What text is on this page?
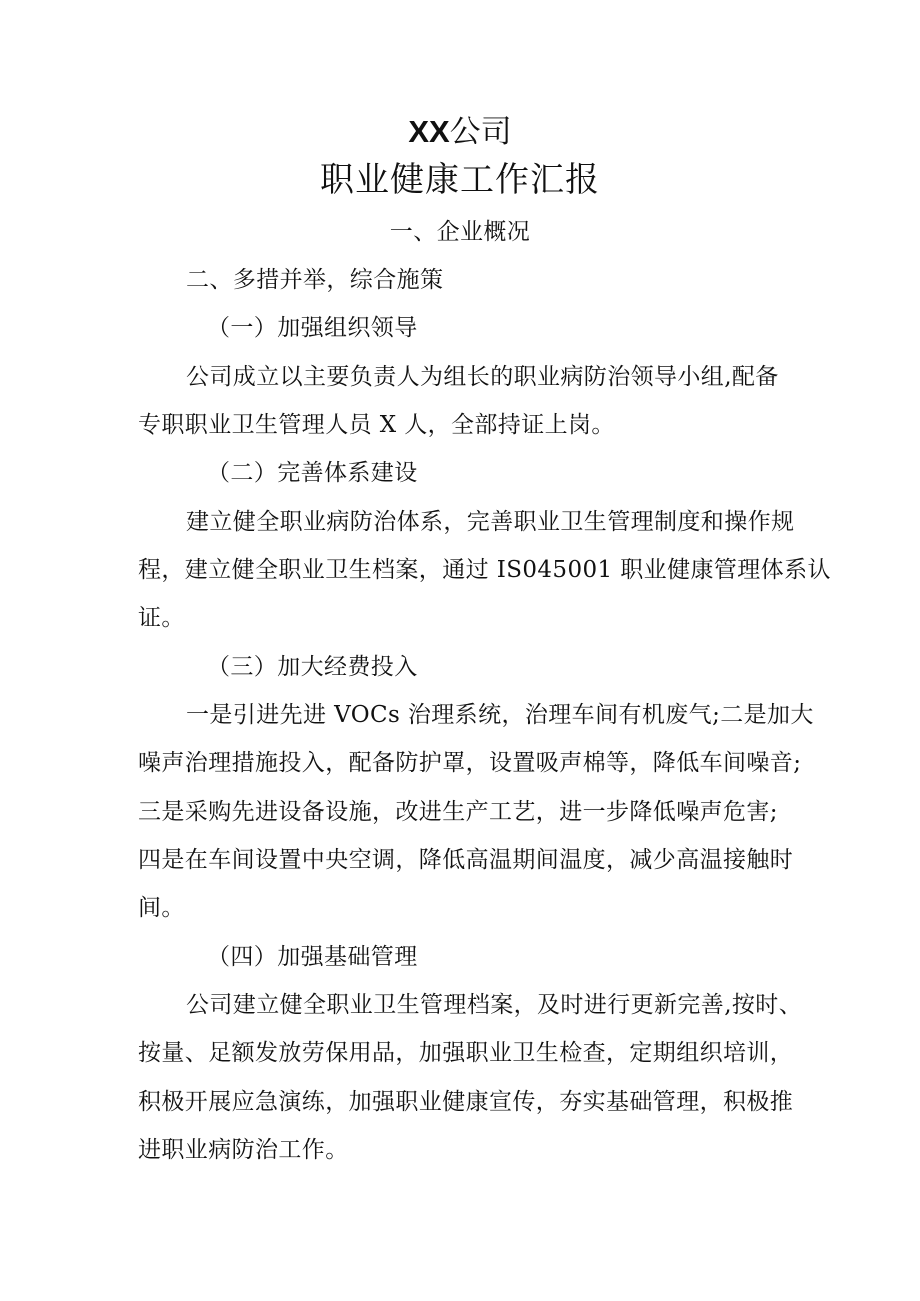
XX公司
职业健康工作汇报
一、企业概况
二、多措并举，综合施策
（一）加强组织领导
公司成立以主要负责人为组长的职业病防治领导小组,配备
专职职业卫生管理人员 X 人，全部持证上岗。
（二）完善体系建设
建立健全职业病防治体系，完善职业卫生管理制度和操作规
程，建立健全职业卫生档案，通过 IS045001 职业健康管理体系认
证。
（三）加大经费投入
一是引进先进 VOCs 治理系统，治理车间有机废气;二是加大
噪声治理措施投入，配备防护罩，设置吸声棉等，降低车间噪音;
三是采购先进设备设施，改进生产工艺，进一步降低噪声危害;
四是在车间设置中央空调，降低高温期间温度，减少高温接触时
间。
（四）加强基础管理
公司建立健全职业卫生管理档案，及时进行更新完善,按时、
按量、足额发放劳保用品，加强职业卫生检查，定期组织培训，
积极开展应急演练，加强职业健康宣传，夯实基础管理，积极推
进职业病防治工作。
